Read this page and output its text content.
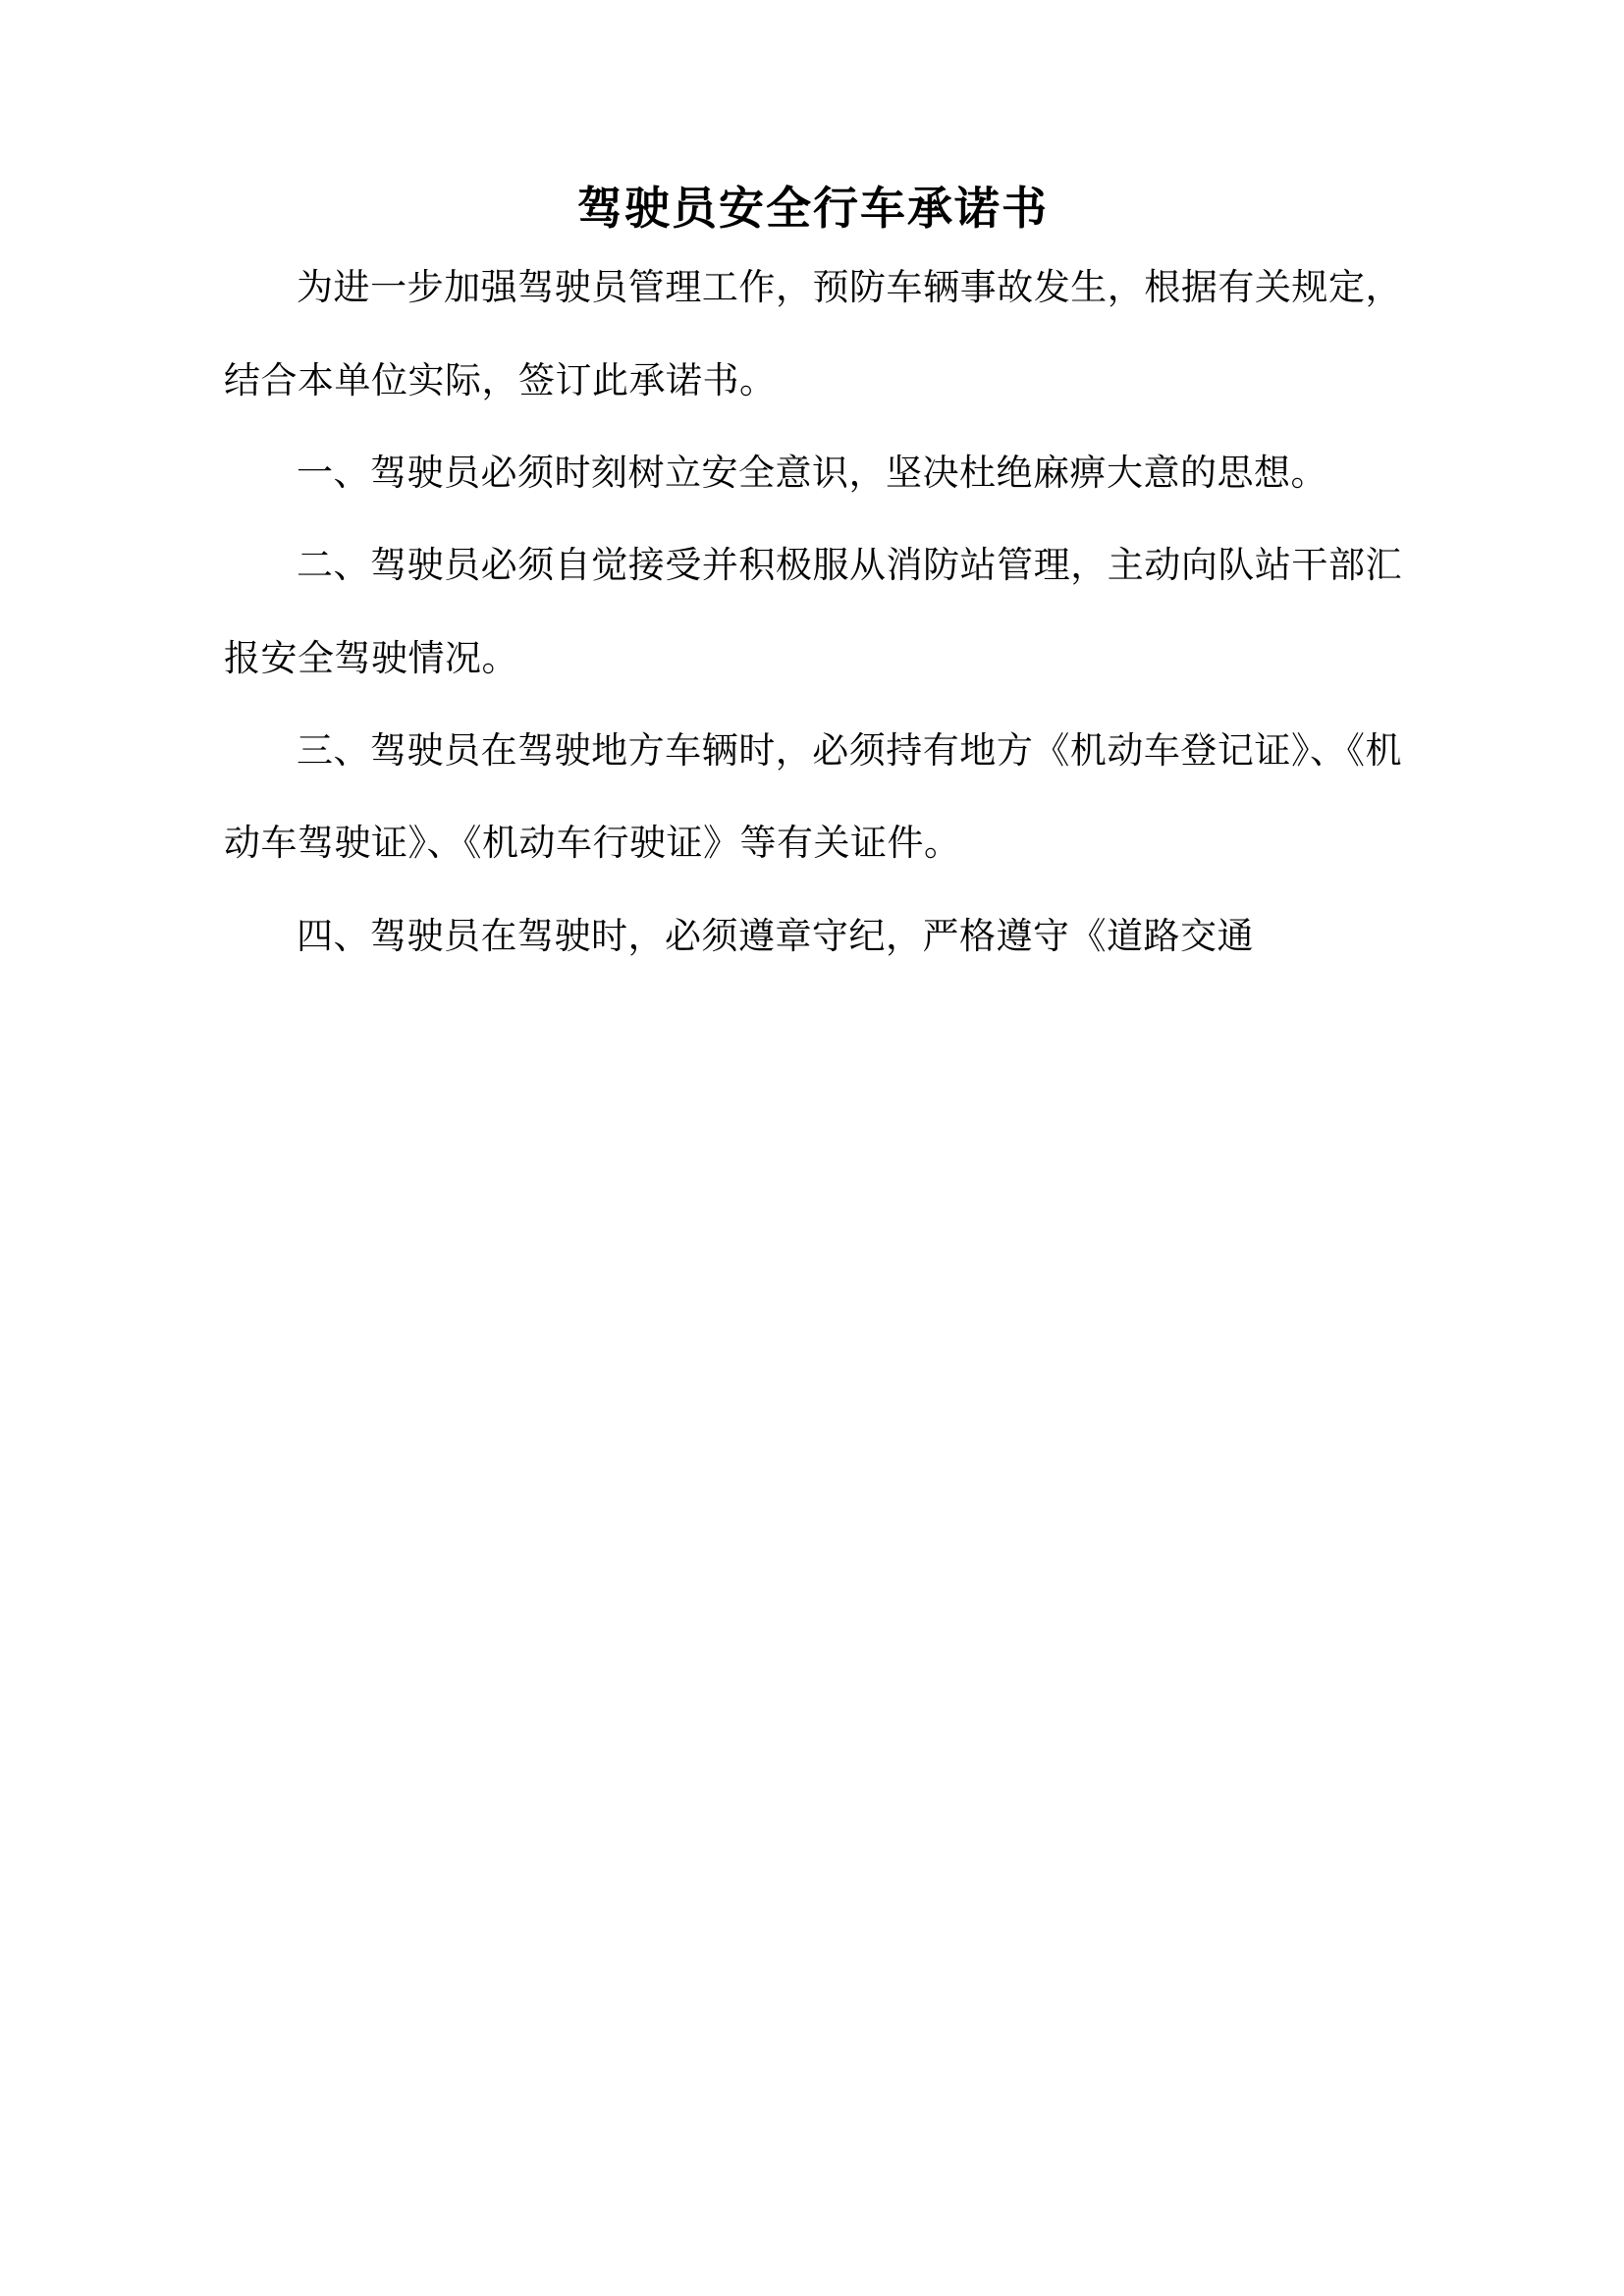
驾驶员安全行车承诺书

为进一步加强驾驶员管理工作，预防车辆事故发生，根据有关规定，结合本单位实际，签订此承诺书。

一、驾驶员必须时刻树立安全意识，坚决杜绝麻痹大意的思想。

二、驾驶员必须自觉接受并积极服从消防站管理，主动向队站干部汇报安全驾驶情况。

三、驾驶员在驾驶地方车辆时，必须持有地方《机动车登记证》、《机动车驾驶证》、《机动车行驶证》等有关证件。

四、驾驶员在驾驶时，必须遵章守纪，严格遵守《道路交通
